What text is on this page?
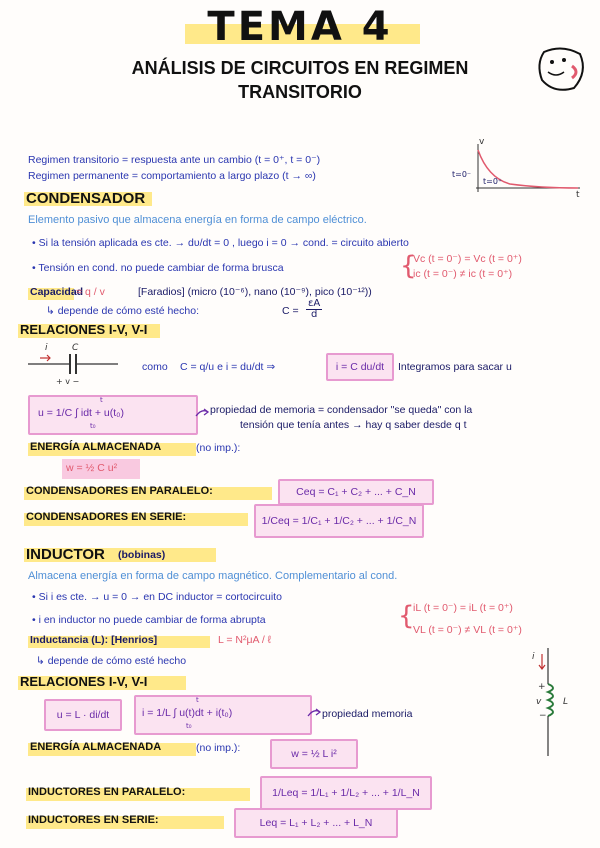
TEMA 4
ANÁLISIS DE CIRCUITOS EN REGIMEN
TRANSITORIO
Regimen transitorio = respuesta ante un cambio (t = 0⁺, t = 0⁻)
Regimen permanente = comportamiento a largo plazo (t → ∞)
v
t
t=0⁻
t=0⁺
CONDENSADOR
Elemento pasivo que almacena energía en forma de campo eléctrico.
• Si la tensión aplicada es cte. → dυ/dt = 0 , luego i = 0 → cond. = circuito abierto
• Tensión en cond. no puede cambiar de forma brusca	{
Vc (t = 0⁻) = Vc (t = 0⁺)
ic (t = 0⁻) ≠ ic (t = 0⁺)
Capacidad
= q / v	[Faradios] (micro (10⁻⁶), nano (10⁻⁹), pico (10⁻¹²))
↳ depende de cómo esté hecho:	$C = \frac{\varepsilon A}{d}$
RELACIONES I-V, V-I
i	C
+ v −
como C = q/u e i = du/dt ⇒	i = C du/dt	Integramos para sacar u
u = 1/C ∫ idt + u(t₀)
t
t₀
propiedad de memoria = condensador "se queda" con la
tensión que tenía antes → hay q saber desde q t
ENERGÍA ALMACENADA	(no imp.):
w = ½ C u²
CONDENSADORES EN PARALELO:	Ceq = C₁ + C₂ + ... + C_N
CONDENSADORES EN SERIE:	1/Ceq = 1/C₁ + 1/C₂ + ... + 1/C_N
INDUCTOR (bobinas)
Almacena energía en forma de campo magnético. Complementario al cond.
• Si i es cte. → u = 0 → en DC inductor = cortocircuito
• i en inductor no puede cambiar de forma abrupta	{
iL (t = 0⁻) = iL (t = 0⁺)
VL (t = 0⁻) ≠ VL (t = 0⁺)
Inductancia (L): [Henrios]	L = N²μA / ℓ
↳ depende de cómo esté hecho
RELACIONES I-V, V-I
u = L · di/dt	i = 1/L ∫ u(t)dt + i(t₀)
t
t₀
propiedad memoria
i
+
v
−
L
ENERGÍA ALMACENADA	(no imp.):	w = ½ L i²
INDUCTORES EN PARALELO:	1/Leq = 1/L₁ + 1/L₂ + ... + 1/L_N
INDUCTORES EN SERIE:	Leq = L₁ + L₂ + ... + L_N
